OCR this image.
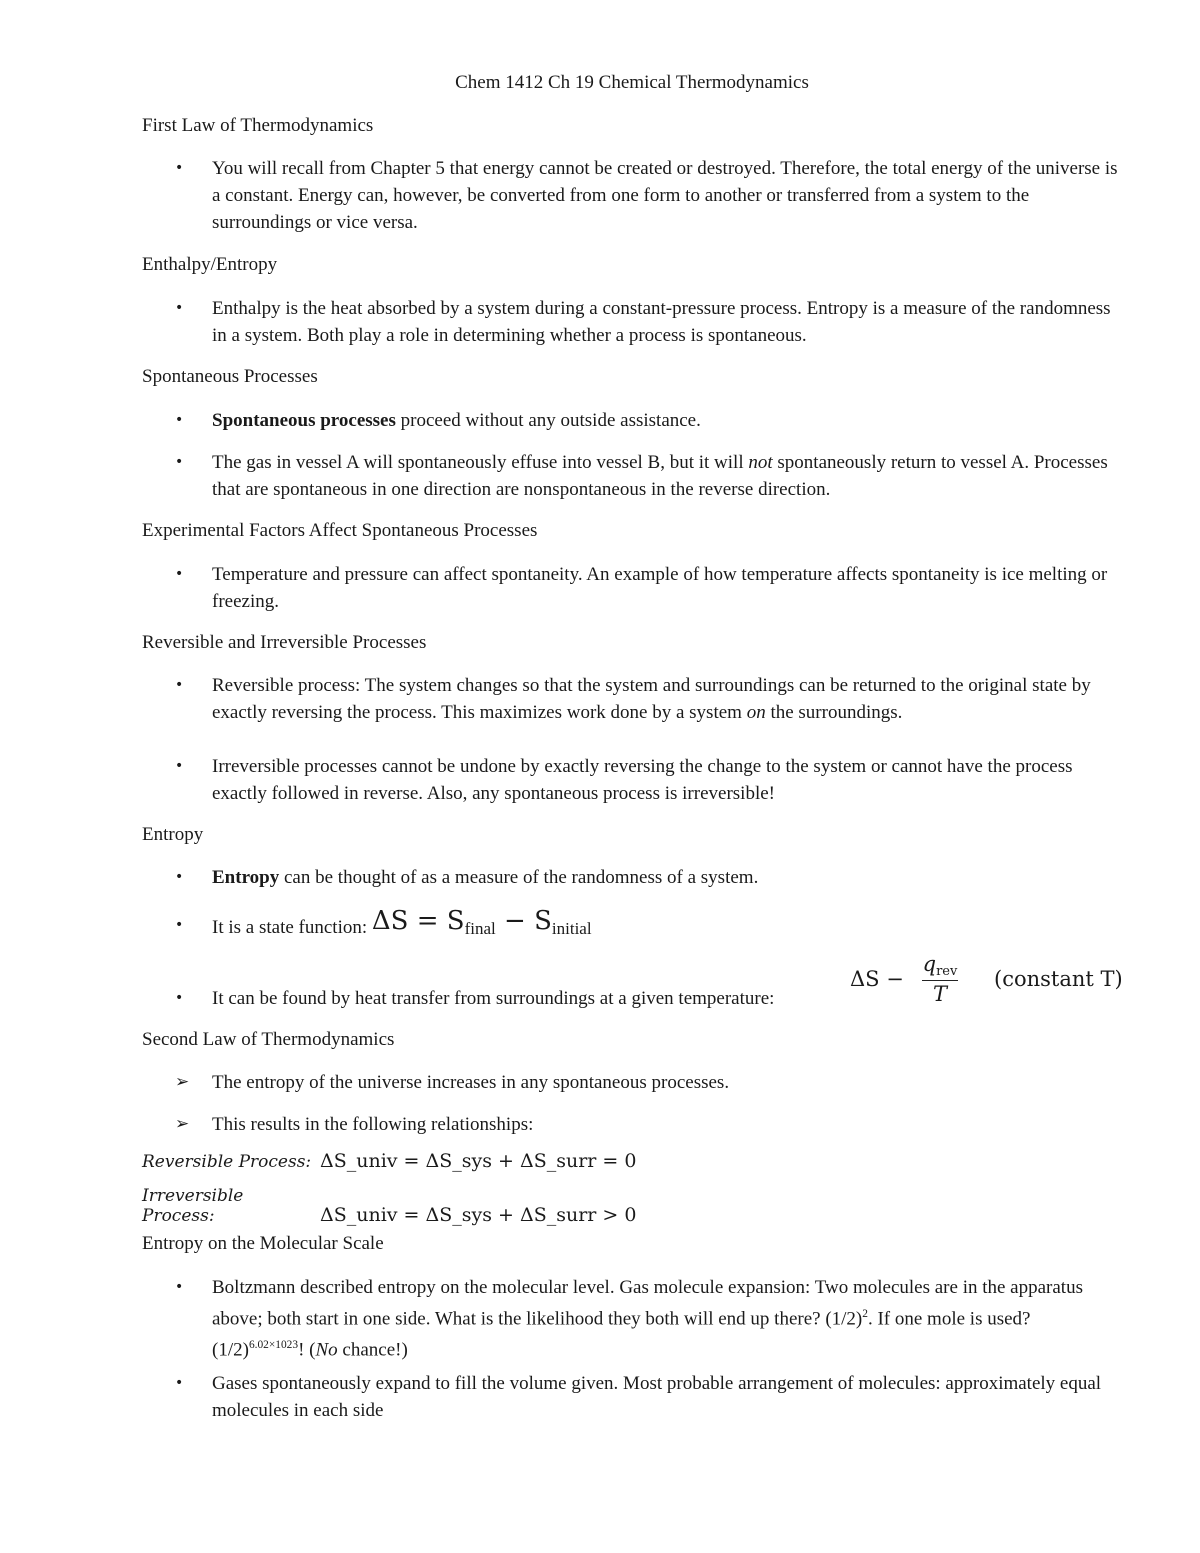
Chem 1412 Ch 19 Chemical Thermodynamics
First Law of Thermodynamics
•	You will recall from Chapter 5 that energy cannot be created or destroyed. Therefore, the total energy of the universe is a constant. Energy can, however, be converted from one form to another or transferred from a system to the surroundings or vice versa.
Enthalpy/Entropy
•	Enthalpy is the heat absorbed by a system during a constant-pressure process. Entropy is a measure of the randomness in a system. Both play a role in determining whether a process is spontaneous.
Spontaneous Processes
•	Spontaneous processes proceed without any outside assistance.
•	The gas in vessel A will spontaneously effuse into vessel B, but it will not spontaneously return to vessel A. Processes that are spontaneous in one direction are nonspontaneous in the reverse direction.
Experimental Factors Affect Spontaneous Processes
•	Temperature and pressure can affect spontaneity. An example of how temperature affects spontaneity is ice melting or freezing.
Reversible and Irreversible Processes
•	Reversible process: The system changes so that the system and surroundings can be returned to the original state by exactly reversing the process. This maximizes work done by a system on the surroundings.
•	Irreversible processes cannot be undone by exactly reversing the change to the system or cannot have the process exactly followed in reverse. Also, any spontaneous process is irreversible!
Entropy
•	Entropy can be thought of as a measure of the randomness of a system.
•	It is a state function: $\Delta S = S_{final} - S_{initial}$
•	It can be found by heat transfer from surroundings at a given temperature:
ΔS −
qrev
T
(constant T)
Second Law of Thermodynamics
➢	The entropy of the universe increases in any spontaneous processes.
➢	This results in the following relationships:
Reversible Process: ΔS_univ = ΔS_sys + ΔS_surr = 0
Irreversible Process:	ΔS_univ = ΔS_sys + ΔS_surr > 0
Entropy on the Molecular Scale
•	Boltzmann described entropy on the molecular level. Gas molecule expansion: Two molecules are in the apparatus above; both start in one side. What is the likelihood they both will end up there? $(1/2)^2$. If one mole is used? $(1/2)^{6.02\times 1023}$! (No chance!)
•	Gases spontaneously expand to fill the volume given. Most probable arrangement of molecules: approximately equal molecules in each side
